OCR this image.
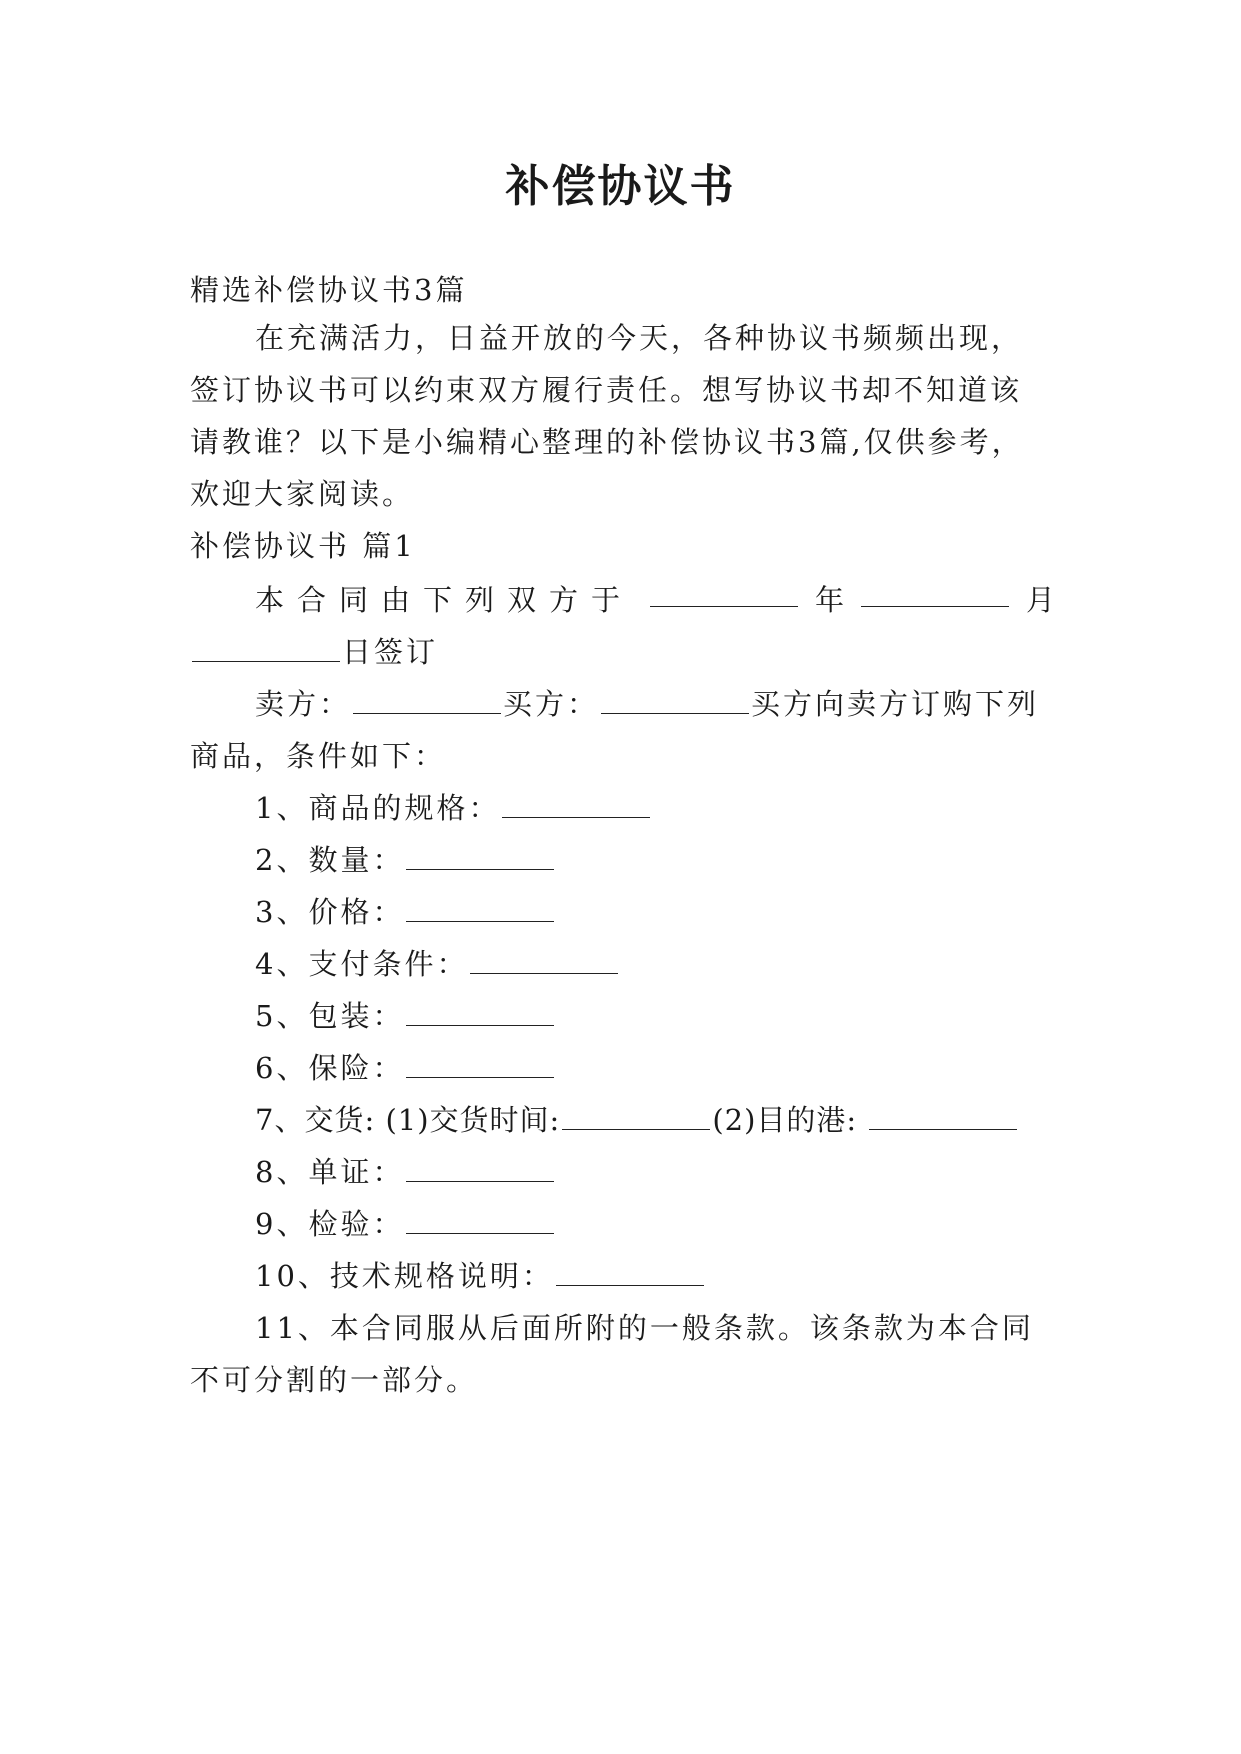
补偿协议书
精选补偿协议书3篇
在充满活力，日益开放的今天，各种协议书频频出现，
签订协议书可以约束双方履行责任。想写协议书却不知道该
请教谁？以下是小编精心整理的补偿协议书3篇,仅供参考，
欢迎大家阅读。
补偿协议书 篇1
本合同由下列双方于	年	月
日签订
卖方：	买方：	买方向卖方订购下列
商品，条件如下：
1、商品的规格：
2、数量：
3、价格：
4、支付条件：
5、包装：
6、保险：
7、交货: (1)交货时间:	(2)目的港:
8、单证：
9、检验：
10、技术规格说明：
11、本合同服从后面所附的一般条款。该条款为本合同
不可分割的一部分。
